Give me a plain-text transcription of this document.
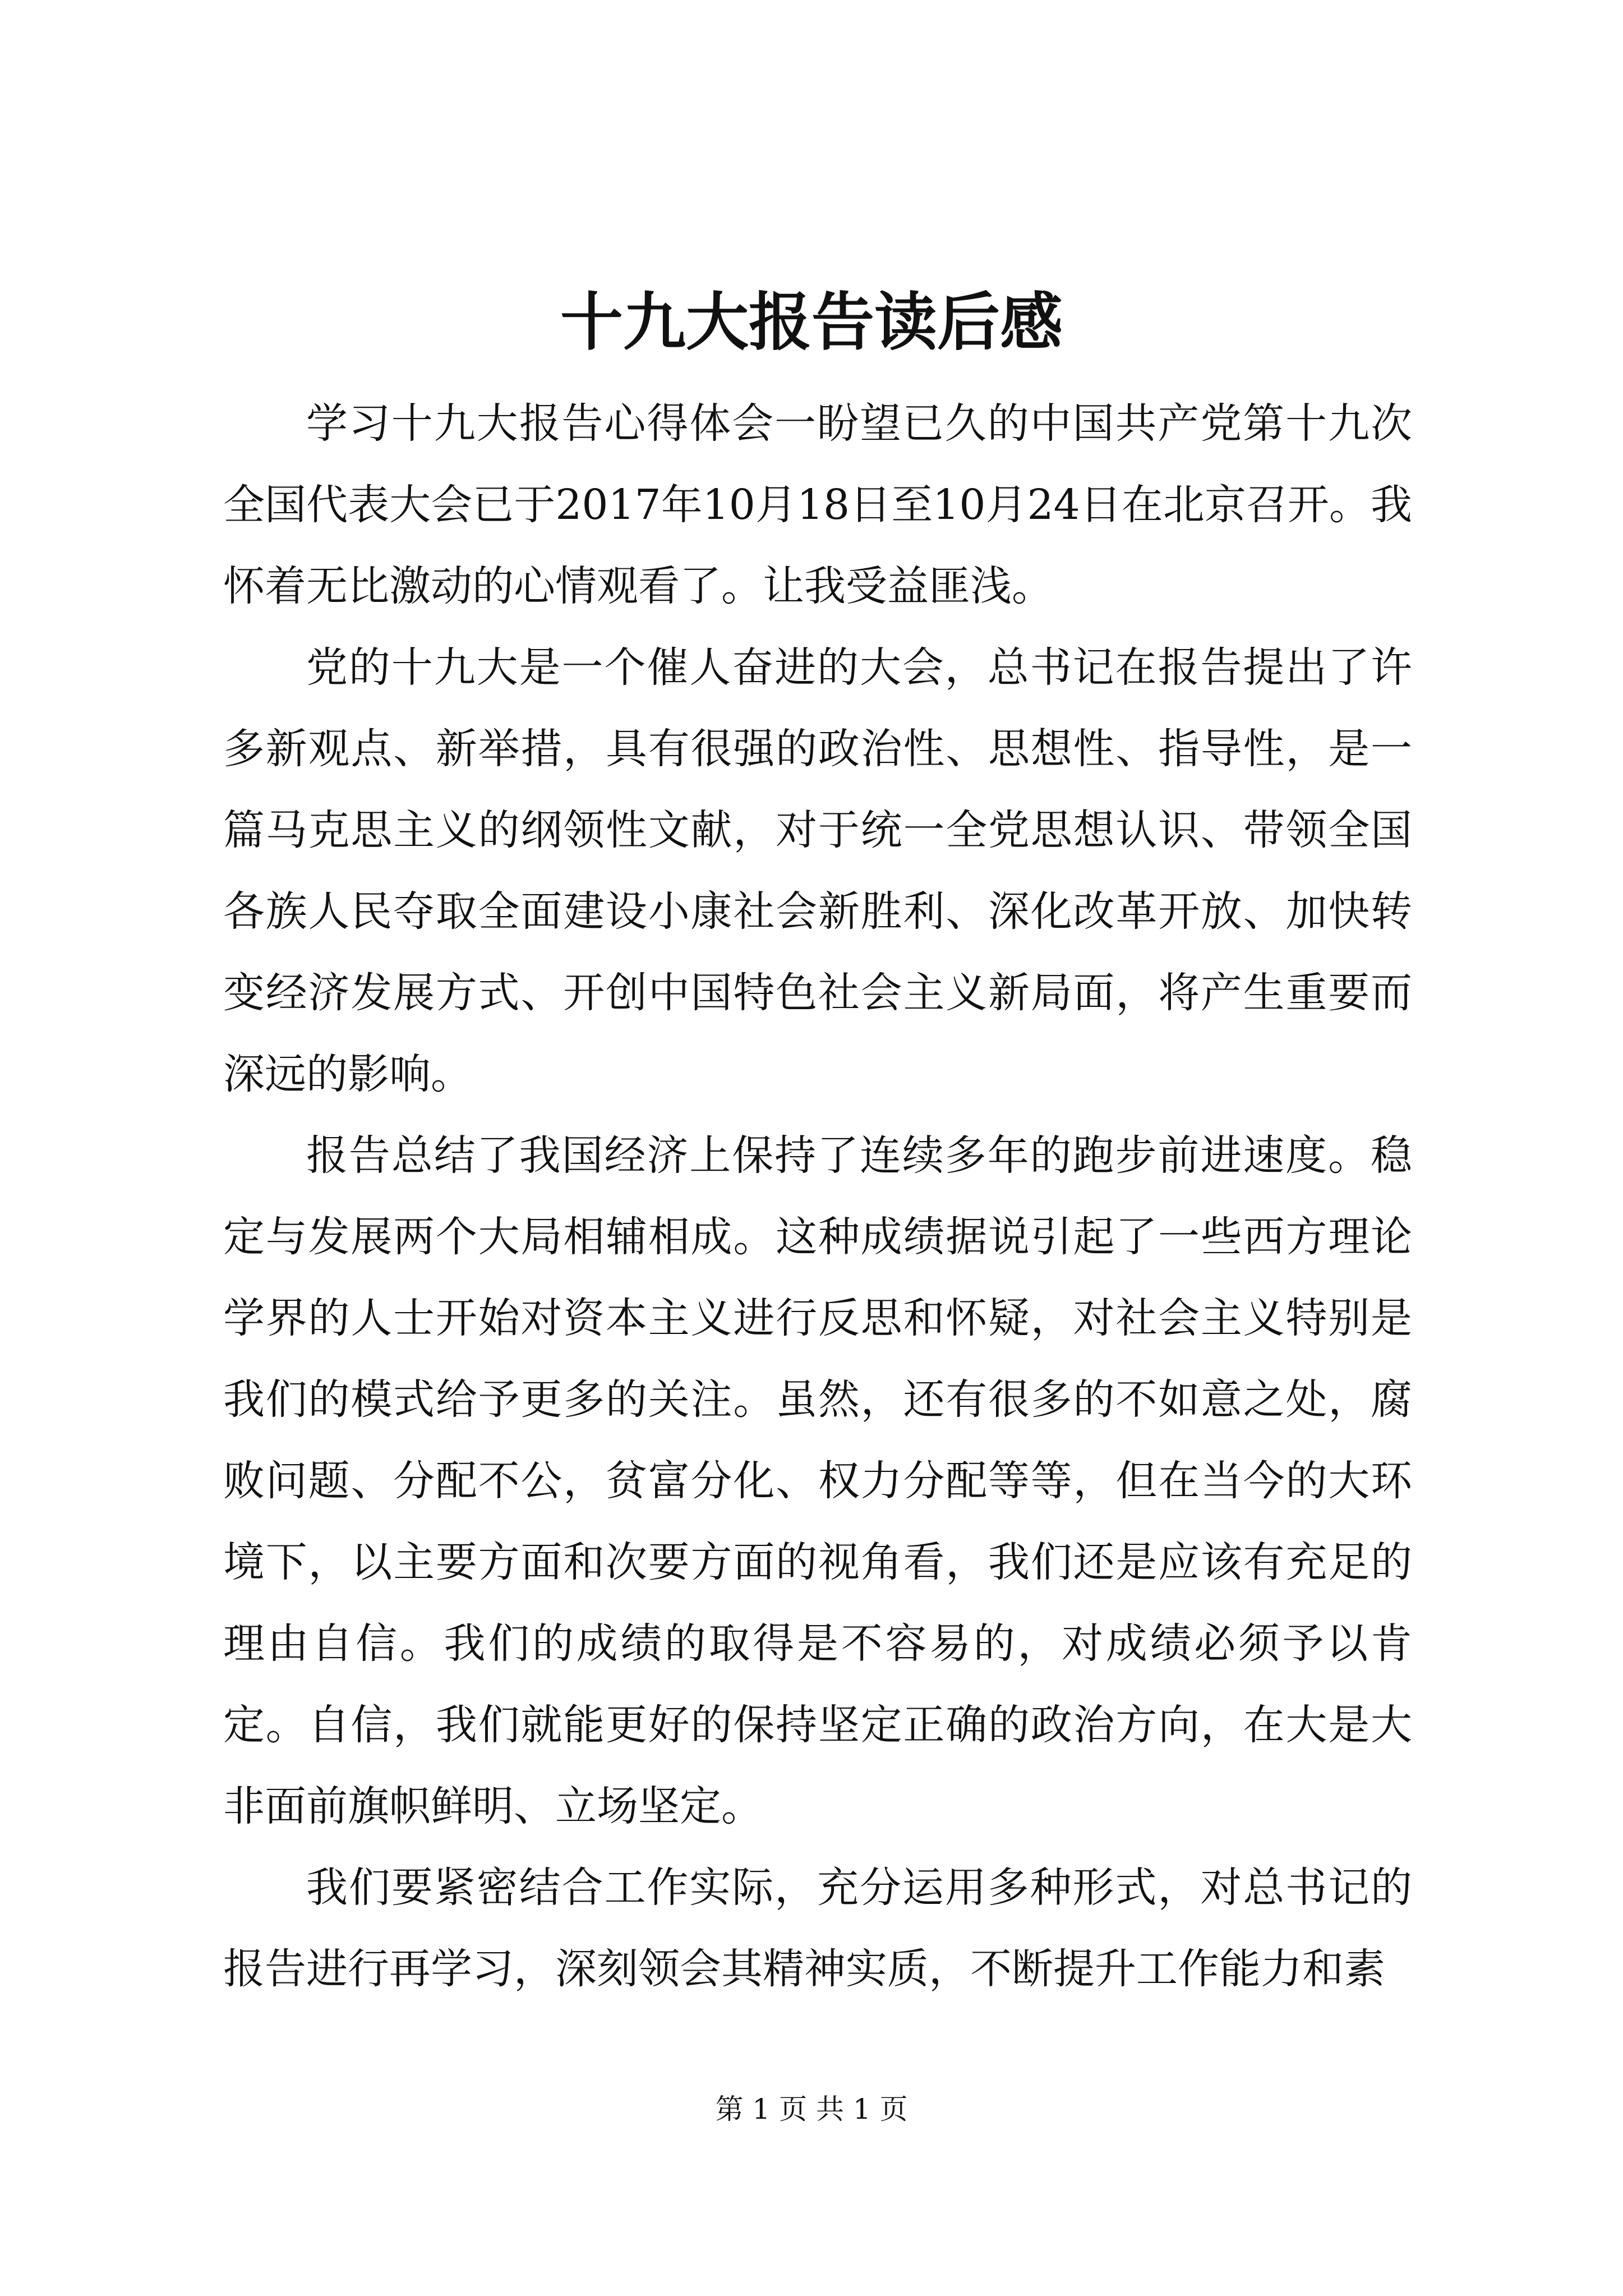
十九大报告读后感

学习十九大报告心得体会一盼望已久的中国共产党第十九次全国代表大会已于2017年10月18日至10月24日在北京召开。我怀着无比激动的心情观看了。让我受益匪浅。

党的十九大是一个催人奋进的大会，总书记在报告提出了许多新观点、新举措，具有很强的政治性、思想性、指导性，是一篇马克思主义的纲领性文献，对于统一全党思想认识、带领全国各族人民夺取全面建设小康社会新胜利、深化改革开放、加快转变经济发展方式、开创中国特色社会主义新局面，将产生重要而深远的影响。

报告总结了我国经济上保持了连续多年的跑步前进速度。稳定与发展两个大局相辅相成。这种成绩据说引起了一些西方理论学界的人士开始对资本主义进行反思和怀疑，对社会主义特别是我们的模式给予更多的关注。虽然，还有很多的不如意之处，腐败问题、分配不公，贫富分化、权力分配等等，但在当今的大环境下，以主要方面和次要方面的视角看，我们还是应该有充足的理由自信。我们的成绩的取得是不容易的，对成绩必须予以肯定。自信，我们就能更好的保持坚定正确的政治方向，在大是大非面前旗帜鲜明、立场坚定。

我们要紧密结合工作实际，充分运用多种形式，对总书记的报告进行再学习，深刻领会其精神实质，不断提升工作能力和素

第 1 页 共 1 页
